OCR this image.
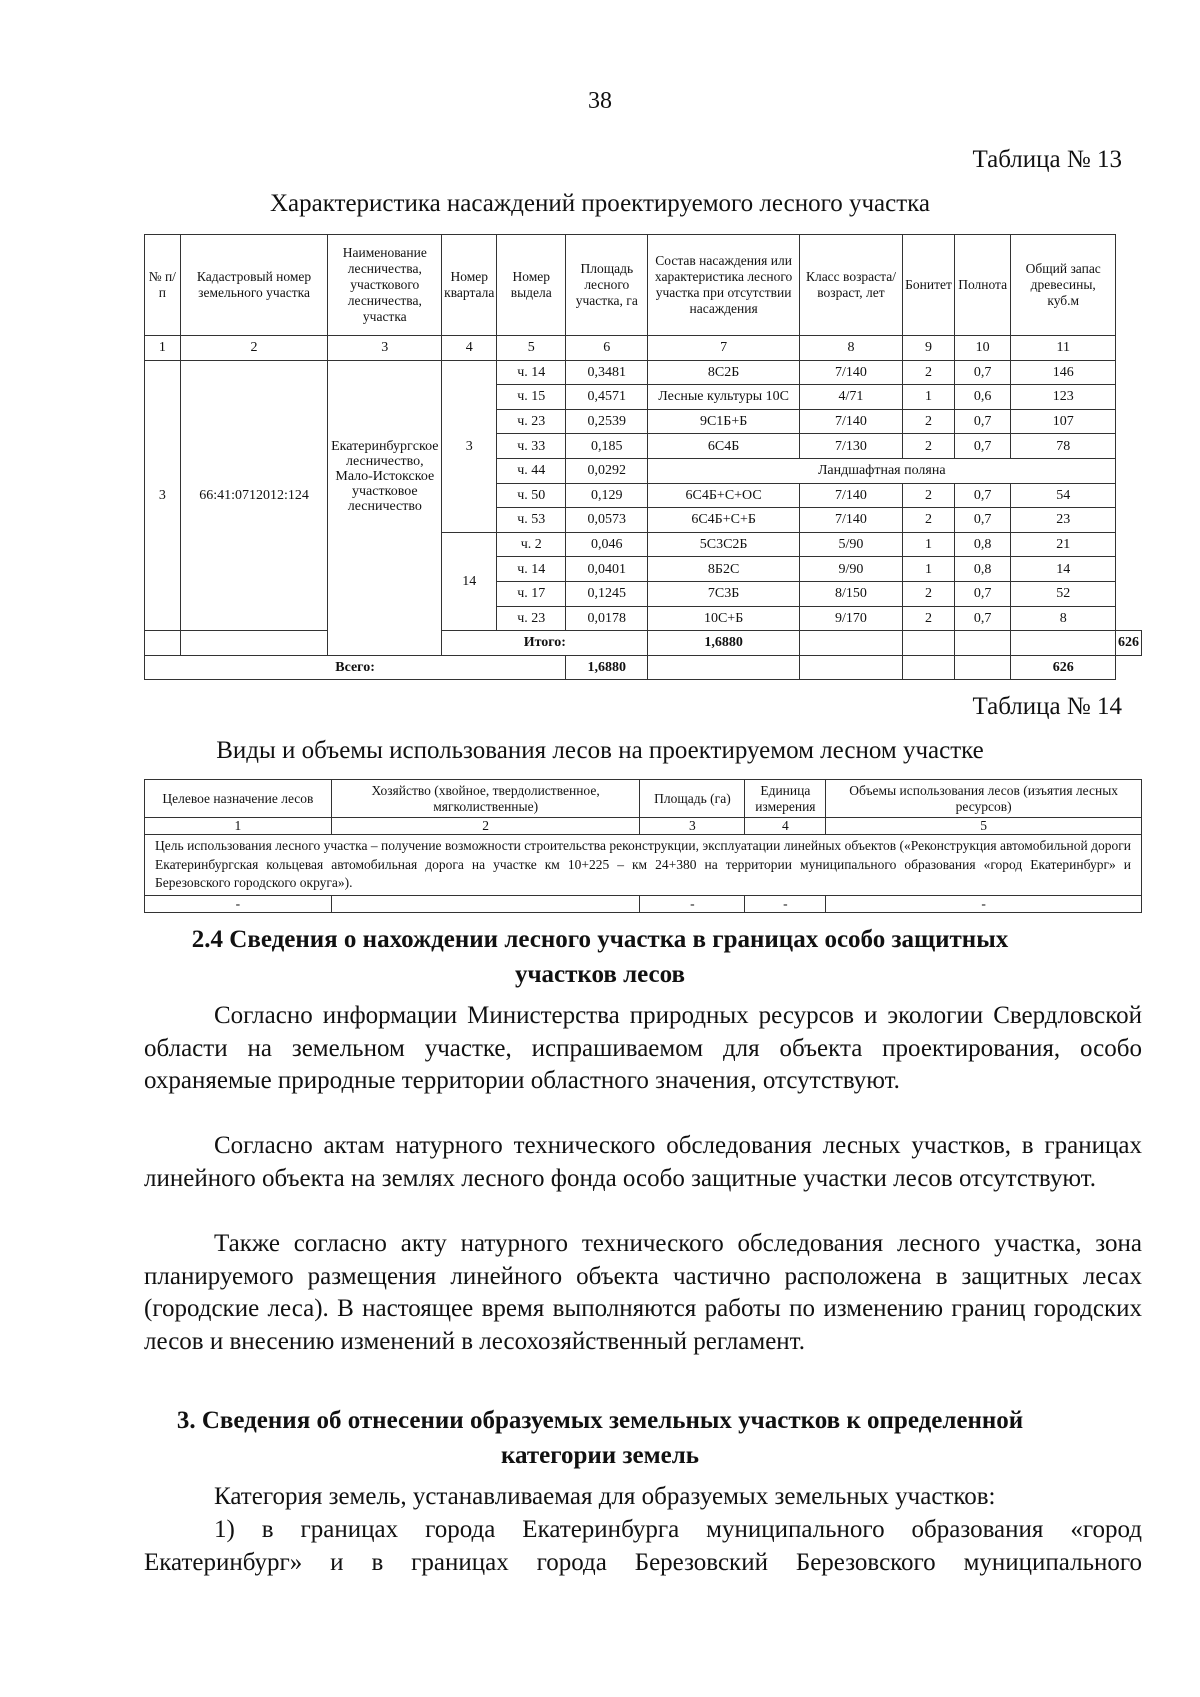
38
Таблица № 13
Характеристика насаждений проектируемого лесного участка
№ п/п	Кадастровый номер земельного участка	Наименование лесничества, участкового лесничества, участка	Номер квартала	Номер выдела	Площадь лесного участка, га	Состав насаждения или характеристика лесного участка при отсутствии насаждения	Класс возраста/ возраст, лет	Бонитет	Полнота	Общий запас древесины, куб.м	
1	2	3	4	5	6	7	8	9	10	11	
3	66:41:0712012:124	Екатеринбургское лесничество, Мало-Истокское участковое лесничество	3	ч. 14	0,3481	8С2Б	7/140	2	0,7	146	
				ч. 15	0,4571	Лесные культуры 10С	4/71	1	0,6	123	
				ч. 23	0,2539	9С1Б+Б	7/140	2	0,7	107	
				ч. 33	0,185	6С4Б	7/130	2	0,7	78	
				ч. 44	0,0292	Ландшафтная поляна					
				ч. 50	0,129	6С4Б+С+ОС	7/140	2	0,7	54	
				ч. 53	0,0573	6С4Б+С+Б	7/140	2	0,7	23	
			14	ч. 2	0,046	5С3С2Б	5/90	1	0,8	21	
				ч. 14	0,0401	8Б2С	9/90	1	0,8	14	
				ч. 17	0,1245	7С3Б	8/150	2	0,7	52	
				ч. 23	0,0178	10С+Б	9/170	2	0,7	8	
			Итого:			1,6880					626
Всего:					1,6880					626	
Таблица № 14
Виды и объемы использования лесов на проектируемом лесном участке
Целевое назначение лесов	Хозяйство (хвойное, твердолиственное, мягколиственные)	Площадь (га)	Единица измерения	Объемы использования лесов (изъятия лесных ресурсов)
1	2	3	4	5
Цель использования лесного участка – получение возможности строительства реконструкции, эксплуатации линейных объектов («Реконструкция автомобильной дороги Екатеринбургская кольцевая автомобильная дорога на участке км 10+225 – км 24+380 на территории муниципального образования «город Екатеринбург» и Березовского городского округа»).				
-		-	-	-
2.4 Сведения о нахождении лесного участка в границах особо защитных участков лесов
Согласно информации Министерства природных ресурсов и экологии Свердловской области на земельном участке, испрашиваемом для объекта проектирования, особо охраняемые природные территории областного значения, отсутствуют.
Согласно актам натурного технического обследования лесных участков, в границах линейного объекта на землях лесного фонда особо защитные участки лесов отсутствуют.
Также согласно акту натурного технического обследования лесного участка, зона планируемого размещения линейного объекта частично расположена в защитных лесах (городские леса). В настоящее время выполняются работы по изменению границ городских лесов и внесению изменений в лесохозяйственный регламент.
3. Сведения об отнесении образуемых земельных участков к определенной категории земель
Категория земель, устанавливаемая для образуемых земельных участков:
1) в границах города Екатеринбурга муниципального образования «город Екатеринбург» и в границах города Березовский Березовского муниципального
